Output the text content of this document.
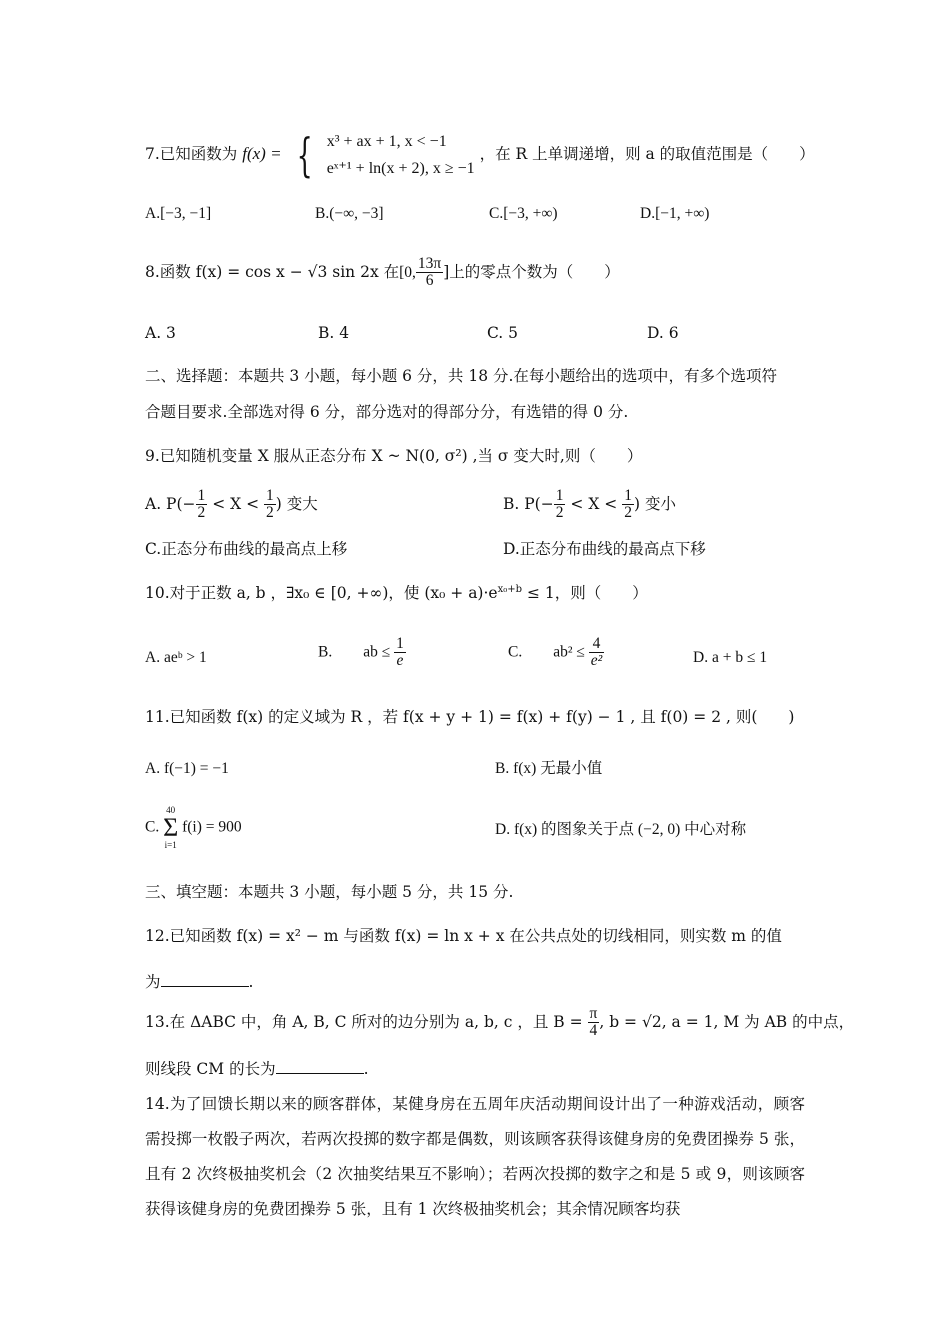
7.已知函数为 f(x) = { x³ + ax + 1, x < −1
eˣ⁺¹ + ln(x + 2), x ≥ −1
，在 R 上单调递增，则 a 的取值范围是（　　）
A.[−3, −1]	B.(−∞, −3]	C.[−3, +∞)	D.[−1, +∞)
8.函数 f(x) = cos x − √3 sin 2x 在[0, $\frac{13\pi}{6}$ ]上的零点个数为（　　）
A. 3	B. 4	C. 5	D. 6
二、选择题：本题共 3 小题，每小题 6 分，共 18 分.在每小题给出的选项中，有多个选项符
合题目要求.全部选对得 6 分，部分选对的得部分分，有选错的得 0 分.
9.已知随机变量 X 服从正态分布 X ~ N(0, σ²) ,当 σ 变大时,则（　　）
A. $P(- \frac{1}{2} < X < \frac{1}{2}$ ) 变大	B. $P(- \frac{1}{2} < X < \frac{1}{2}$ ) 变小
C.正态分布曲线的最高点上移	D.正态分布曲线的最高点下移
10.对于正数 a, b ，∃x₀ ∈ [0, +∞)，使 $(x_0 + a)\cdot e^{x_0+b} \le 1$，则（　　）
A. aeᵇ > 1	B.　　ab ≤ $\frac{1}{e}$	C.　　$ab^2 \le \frac{4}{\text{e²}}$	D. a + b ≤ 1
11.已知函数 f(x) 的定义域为 R ，若 f(x + y + 1) = f(x) + f(y) − 1 , 且 f(0) = 2 , 则(　　)
A. f(−1) = −1	B. f(x) 无最小值
C.
40
Σ
i=1
f(i) = 900	D. f(x) 的图象关于点 (−2, 0) 中心对称
三、填空题：本题共 3 小题，每小题 5 分，共 15 分.
12.已知函数 f(x) = x² − m 与函数 f(x) = ln x + x 在公共点处的切线相同，则实数 m 的值
为	.
13.在 ΔABC 中，角 A, B, C 所对的边分别为 a, b, c ，且 $B = \frac{\pi}{4}$ , b = √2, a = 1, M 为 AB 的中点，
则线段 CM 的长为	.
14.为了回馈长期以来的顾客群体，某健身房在五周年庆活动期间设计出了一种游戏活动，顾客需投掷一枚骰子两次，若两次投掷的数字都是偶数，则该顾客获得该健身房的免费团操券 5 张，且有 2 次终极抽奖机会（2 次抽奖结果互不影响）；若两次投掷的数字之和是 5 或 9，则该顾客获得该健身房的免费团操券 5 张，且有 1 次终极抽奖机会；其余情况顾客均获
